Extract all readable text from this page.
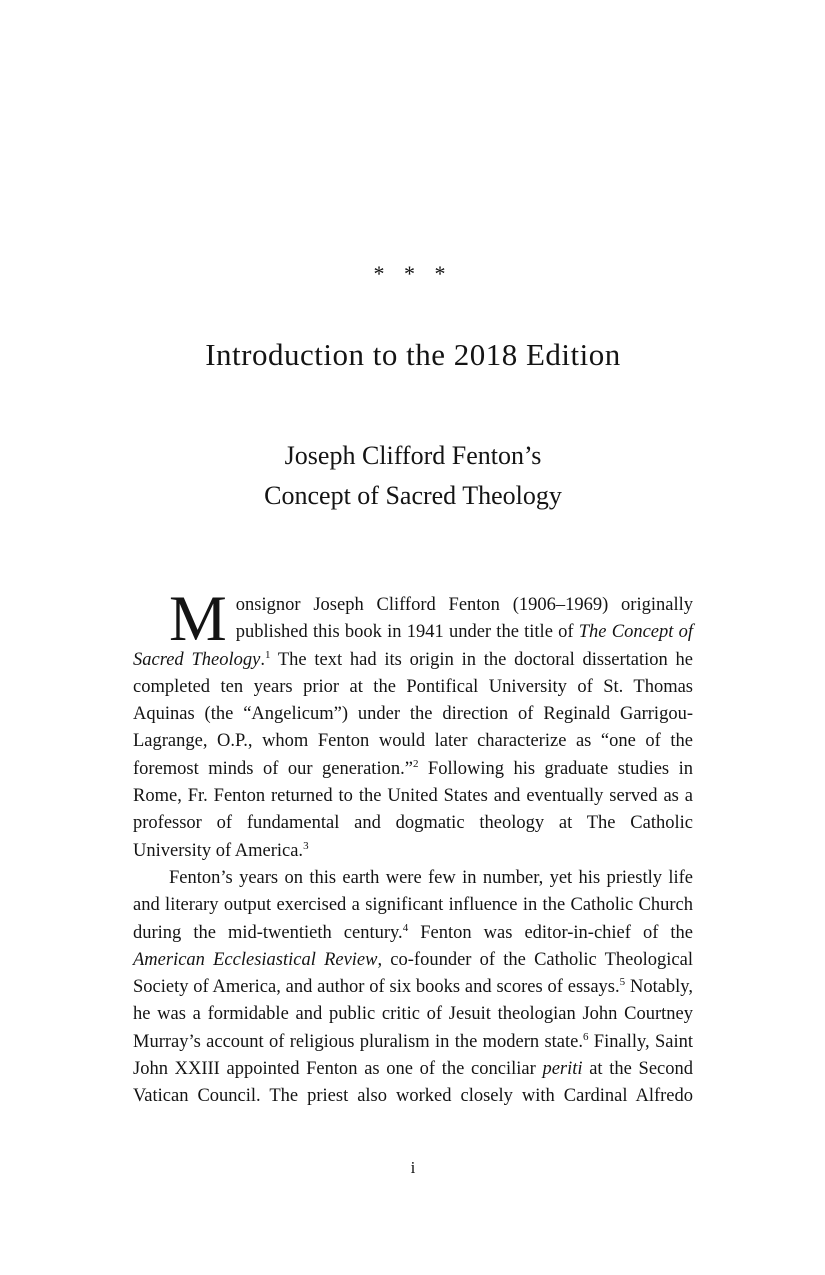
* * *
Introduction to the 2018 Edition
Joseph Clifford Fenton’s
Concept of Sacred Theology

Monsignor Joseph Clifford Fenton (1906–1969) originally published this book in 1941 under the title of The Concept of Sacred Theology.$^1$ The text had its origin in the doctoral dissertation he completed ten years prior at the Pontifical University of St. Thomas Aquinas (the “Angelicum”) under the direction of Reginald Garrigou-Lagrange, O.P., whom Fenton would later characterize as “one of the foremost minds of our generation.”$^2$ Following his graduate studies in Rome, Fr. Fenton returned to the United States and eventually served as a professor of fundamental and dogmatic theology at The Catholic University of America.$^3$

Fenton’s years on this earth were few in number, yet his priestly life and literary output exercised a significant influence in the Catholic Church during the mid-twentieth century.$^4$ Fenton was editor-in-chief of the American Ecclesiastical Review, co-founder of the Catholic Theological Society of America, and author of six books and scores of essays.$^5$ Notably, he was a formidable and public critic of Jesuit theologian John Courtney Murray’s account of religious pluralism in the modern state.$^6$ Finally, Saint John XXIII appointed Fenton as one of the conciliar periti at the Second Vatican Council. The priest also worked closely with Cardinal Alfredo

i
